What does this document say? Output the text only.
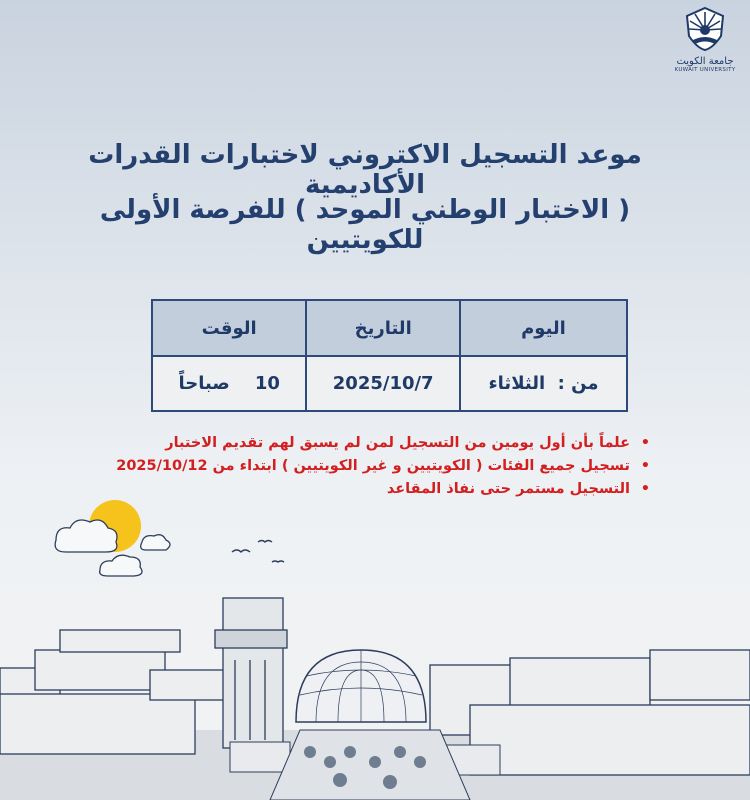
جامعة الكويت
KUWAIT UNIVERSITY
موعد التسجيل الاكتروني لاختبارات القدرات الأكاديمية
( الاختبار الوطني الموحد ) للفرصة الأولى للكويتيين
اليوم	التاريخ	الوقت
من :  الثلاثاء	2025/10/7	10    صباحاً
•
علماً بأن أول يومين من التسجيل لمن لم يسبق لهم تقديم الاختبار
•
تسجيل جميع الفئات ( الكويتيين و غير الكويتيين ) ابتداء من 2025/10/12
•
التسجيل مستمر حتى نفاذ المقاعد
